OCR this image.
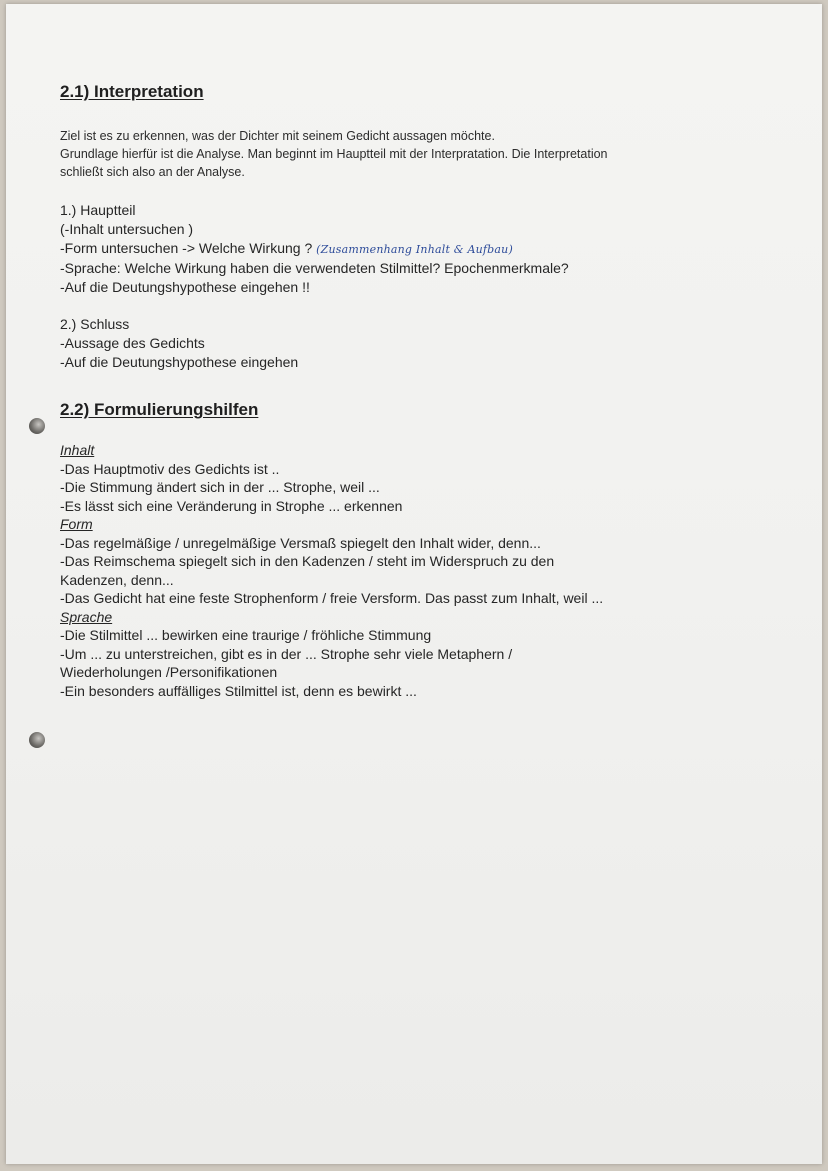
2.1) Interpretation

Ziel ist es zu erkennen, was der Dichter mit seinem Gedicht aussagen möchte.

Grundlage hierfür ist die Analyse. Man beginnt im Hauptteil mit der Interpratation. Die Interpretation

schließt sich also an der Analyse.

1.) Hauptteil

(-Inhalt untersuchen )

-Form untersuchen -> Welche Wirkung ? (Zusammenhang Inhalt & Aufbau)

-Sprache: Welche Wirkung haben die verwendeten Stilmittel? Epochenmerkmale?

-Auf die Deutungshypothese eingehen !!

2.) Schluss

-Aussage des Gedichts

-Auf die Deutungshypothese eingehen

2.2) Formulierungshilfen

Inhalt

-Das Hauptmotiv des Gedichts ist ..

-Die Stimmung ändert sich in der ... Strophe, weil ...

-Es lässt sich eine Veränderung in Strophe ... erkennen

Form

-Das regelmäßige / unregelmäßige Versmaß spiegelt den Inhalt wider, denn...

-Das Reimschema spiegelt sich in den Kadenzen / steht im Widerspruch zu den

Kadenzen, denn...

-Das Gedicht hat eine feste Strophenform / freie Versform. Das passt zum Inhalt, weil ...

Sprache

-Die Stilmittel ... bewirken eine traurige / fröhliche Stimmung

-Um ... zu unterstreichen, gibt es in der ... Strophe sehr viele Metaphern /

Wiederholungen /Personifikationen

-Ein besonders auffälliges Stilmittel ist, denn es bewirkt ...
